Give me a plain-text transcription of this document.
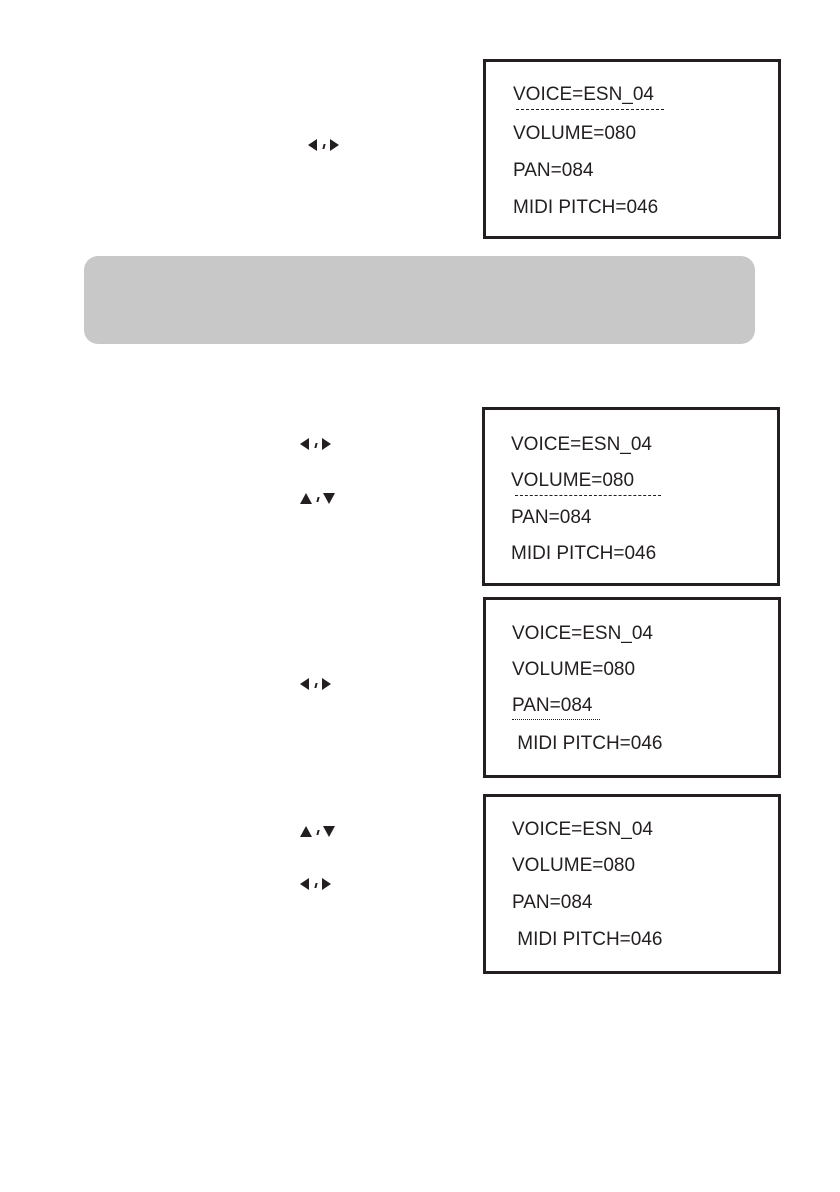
VOICE=ESN_04
VOLUME=080
PAN=084
MIDI PITCH=046
VOICE=ESN_04
VOLUME=080
PAN=084
MIDI PITCH=046
VOICE=ESN_04
VOLUME=080
PAN=084
MIDI PITCH=046
VOICE=ESN_04
VOLUME=080
PAN=084
MIDI PITCH=046
